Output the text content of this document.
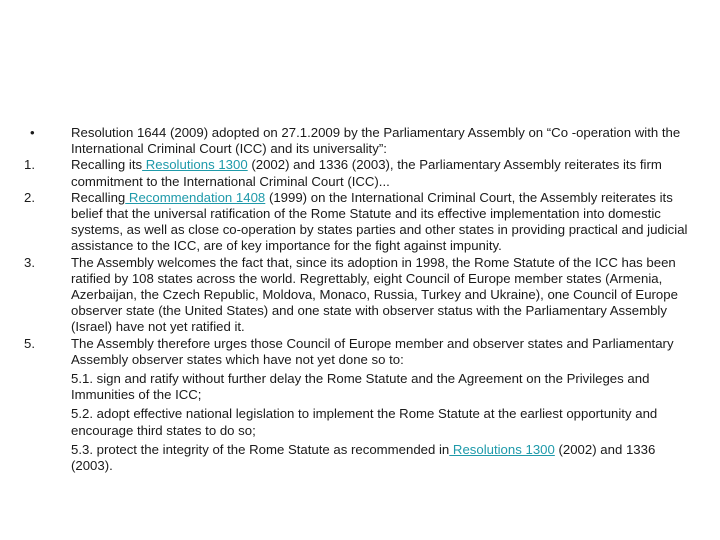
•	Resolution 1644 (2009) adopted on 27.1.2009 by the Parliamentary Assembly on “Co -operation with the International Criminal Court (ICC) and its universality”:
1.	Recalling its Resolutions 1300 (2002) and 1336 (2003), the Parliamentary Assembly reiterates its firm commitment to the International Criminal Court (ICC)...
2.	Recalling Recommendation 1408 (1999) on the International Criminal Court, the Assembly reiterates its belief that the universal ratification of the Rome Statute and its effective implementation into domestic systems, as well as close co-operation by states parties and other states in providing practical and judicial assistance to the ICC, are of key importance for the fight against impunity.
3.	The Assembly welcomes the fact that, since its adoption in 1998, the Rome Statute of the ICC has been ratified by 108 states across the world. Regrettably, eight Council of Europe member states (Armenia, Azerbaijan, the Czech Republic, Moldova, Monaco, Russia, Turkey and Ukraine), one Council of Europe observer state (the United States) and one state with observer status with the Parliamentary Assembly (Israel) have not yet ratified it.
5.	The Assembly therefore urges those Council of Europe member and observer states and Parliamentary Assembly observer states which have not yet done so to:
5.1. sign and ratify without further delay the Rome Statute and the Agreement on the Privileges and Immunities of the ICC;
5.2. adopt effective national legislation to implement the Rome Statute at the earliest opportunity and encourage third states to do so;
5.3. protect the integrity of the Rome Statute as recommended in Resolutions 1300 (2002) and 1336 (2003).
